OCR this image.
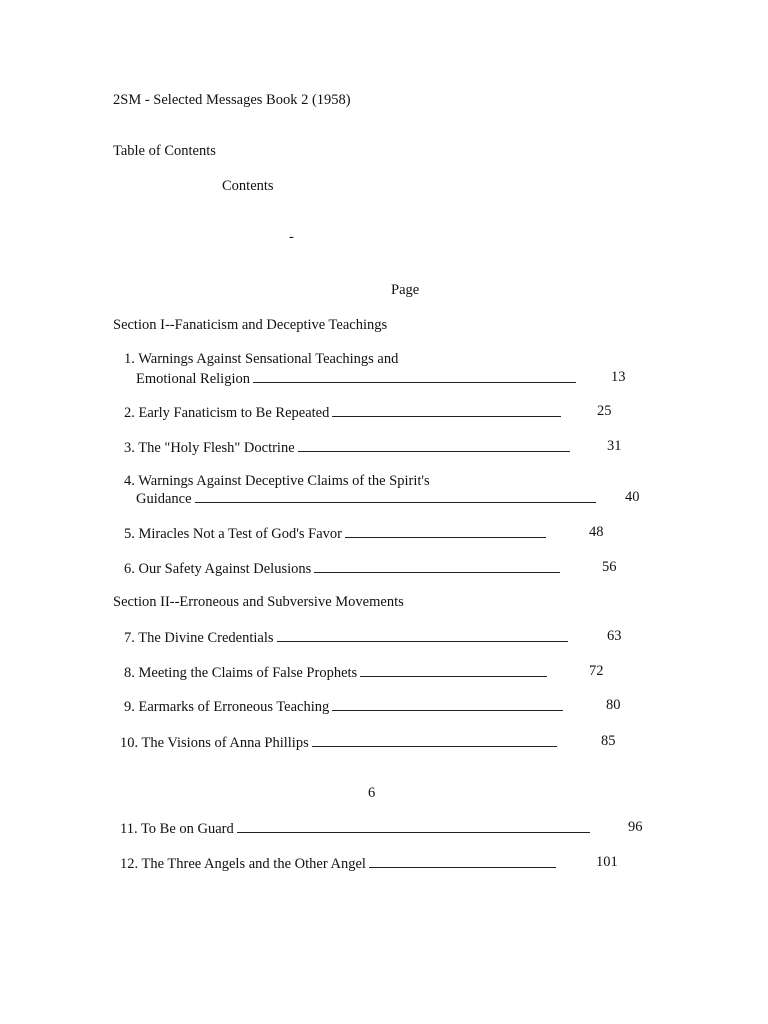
2SM - Selected Messages Book 2 (1958)
Table of Contents
Contents
-
Page
Section I--Fanaticism and Deceptive Teachings
1. Warnings Against Sensational Teachings and
Emotional Religion	13
2. Early Fanaticism to Be Repeated	25
3. The "Holy Flesh" Doctrine	31
4. Warnings Against Deceptive Claims of the Spirit's
Guidance	40
5. Miracles Not a Test of God's Favor	48
6. Our Safety Against Delusions	56
Section II--Erroneous and Subversive Movements
7. The Divine Credentials	63
8. Meeting the Claims of False Prophets	72
9. Earmarks of Erroneous Teaching	80
10. The Visions of Anna Phillips	85
6
11. To Be on Guard	96
12. The Three Angels and the Other Angel	101
